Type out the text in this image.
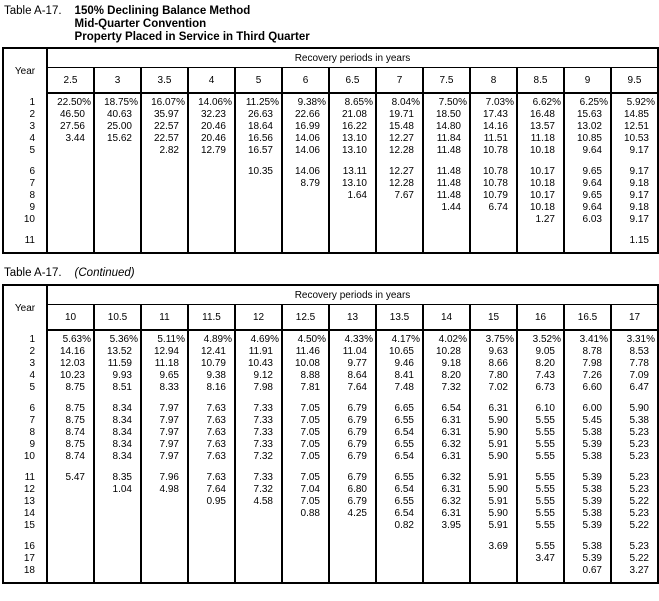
Table A-17. 150% Declining Balance Method
Mid-Quarter Convention
Property Placed in Service in Third Quarter
Year	Recovery periods in years												
	2.5	3	3.5	4	5	6	6.5	7	7.5	8	8.5	9	9.5
1	22.50%	18.75%	16.07%	14.06%	11.25%	9.38%	8.65%	8.04%	7.50%	7.03%	6.62%	6.25%	5.92%
2	46.50	40.63	35.97	32.23	26.63	22.66	21.08	19.71	18.50	17.43	16.48	15.63	14.85
3	27.56	25.00	22.57	20.46	18.64	16.99	16.22	15.48	14.80	14.16	13.57	13.02	12.51
4	3.44	15.62	22.57	20.46	16.56	14.06	13.10	12.27	11.84	11.51	11.18	10.85	10.53
5			2.82	12.79	16.57	14.06	13.10	12.28	11.48	10.78	10.18	9.64	9.17

6					10.35	14.06	13.11	12.27	11.48	10.78	10.17	9.65	9.17
7						8.79	13.10	12.28	11.48	10.78	10.18	9.64	9.18
8							1.64	7.67	11.48	10.79	10.17	9.65	9.17
9									1.44	6.74	10.18	9.64	9.18
10											1.27	6.03	9.17

11													1.15
Table A-17. (Continued)
Year	Recovery periods in years												
	10	10.5	11	11.5	12	12.5	13	13.5	14	15	16	16.5	17
1	5.63%	5.36%	5.11%	4.89%	4.69%	4.50%	4.33%	4.17%	4.02%	3.75%	3.52%	3.41%	3.31%
2	14.16	13.52	12.94	12.41	11.91	11.46	11.04	10.65	10.28	9.63	9.05	8.78	8.53
3	12.03	11.59	11.18	10.79	10.43	10.08	9.77	9.46	9.18	8.66	8.20	7.98	7.78
4	10.23	9.93	9.65	9.38	9.12	8.88	8.64	8.41	8.20	7.80	7.43	7.26	7.09
5	8.75	8.51	8.33	8.16	7.98	7.81	7.64	7.48	7.32	7.02	6.73	6.60	6.47

6	8.75	8.34	7.97	7.63	7.33	7.05	6.79	6.65	6.54	6.31	6.10	6.00	5.90
7	8.75	8.34	7.97	7.63	7.33	7.05	6.79	6.55	6.31	5.90	5.55	5.45	5.38
8	8.74	8.34	7.97	7.63	7.33	7.05	6.79	6.54	6.31	5.90	5.55	5.38	5.23
9	8.75	8.34	7.97	7.63	7.33	7.05	6.79	6.55	6.32	5.91	5.55	5.39	5.23
10	8.74	8.34	7.97	7.63	7.32	7.05	6.79	6.54	6.31	5.90	5.55	5.38	5.23

11	5.47	8.35	7.96	7.63	7.33	7.05	6.79	6.55	6.32	5.91	5.55	5.39	5.23
12		1.04	4.98	7.64	7.32	7.04	6.80	6.54	6.31	5.90	5.55	5.38	5.23
13				0.95	4.58	7.05	6.79	6.55	6.32	5.91	5.55	5.39	5.22
14						0.88	4.25	6.54	6.31	5.90	5.55	5.38	5.23
15								0.82	3.95	5.91	5.55	5.39	5.22

16										3.69	5.55	5.38	5.23
17											3.47	5.39	5.22
18												0.67	3.27
